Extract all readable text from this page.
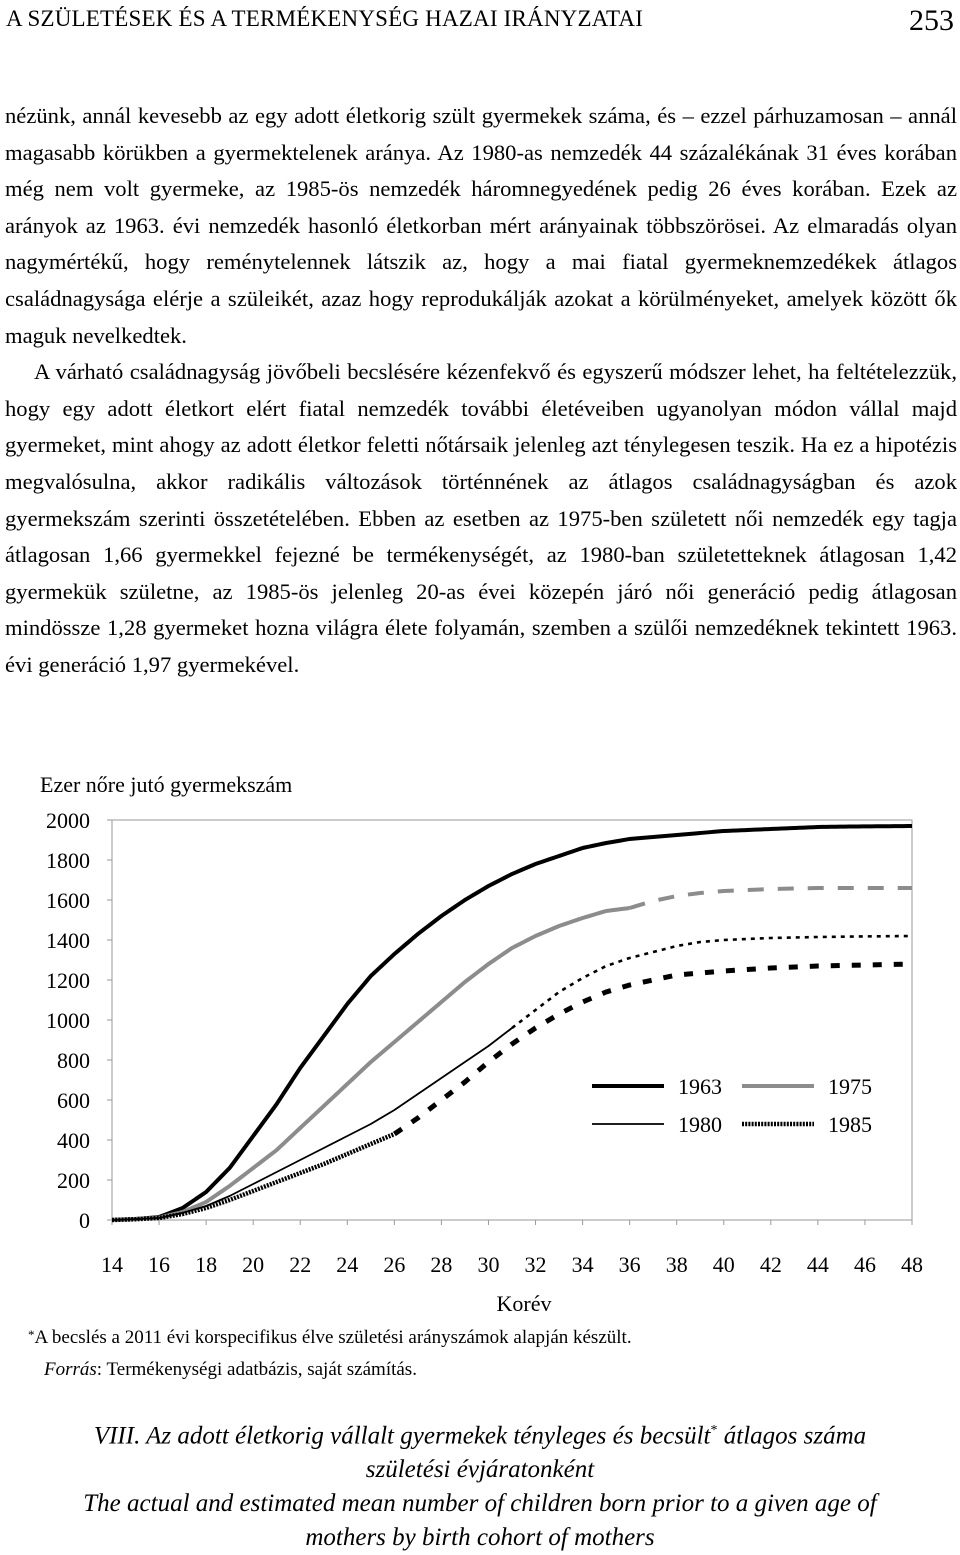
A SZÜLETÉSEK ÉS A TERMÉKENYSÉG HAZAI IRÁNYZATAI	253

nézünk, annál kevesebb az egy adott életkorig szült gyermekek száma, és – ezzel párhuzamosan – annál magasabb körükben a gyermektelenek aránya. Az 1980-as nemzedék 44 százalékának 31 éves korában még nem volt gyermeke, az 1985-ös nemzedék háromnegyedének pedig 26 éves korában. Ezek az arányok az 1963. évi nemzedék hasonló életkorban mért arányainak többszörösei. Az elmaradás olyan nagymértékű, hogy reménytelennek látszik az, hogy a mai fiatal gyermeknemzedékek átlagos családnagysága elérje a szüleikét, azaz hogy reprodukálják azokat a körülményeket, amelyek között ők maguk nevelkedtek.

A várható családnagyság jövőbeli becslésére kézenfekvő és egyszerű módszer lehet, ha feltételezzük, hogy egy adott életkort elért fiatal nemzedék további életéveiben ugyanolyan módon vállal majd gyermeket, mint ahogy az adott életkor feletti nőtársaik jelenleg azt ténylegesen teszik. Ha ez a hipotézis megvalósulna, akkor radikális változások történnének az átlagos családnagyságban és azok gyermekszám szerinti összetételében. Ebben az esetben az 1975-ben született női nemzedék egy tagja átlagosan 1,66 gyermekkel fejezné be termékenységét, az 1980-ban születetteknek átlagosan 1,42 gyermekük születne, az 1985-ös jelenleg 20-as évei közepén járó női generáció pedig átlagosan mindössze 1,28 gyermeket hozna világra élete folyamán, szemben a szülői nemzedéknek tekintett 1963. évi generáció 1,97 gyermekével.

Ezer nőre jutó gyermekszám
2000
1800
1600
1400
1200
1000
800
600
400
200
0
14 16 18 20 22 24 26 28 30 32 34 36 38 40 42 44 46 48
Korév
1963	1975
1980	1985
*A becslés a 2011 évi korspecifikus élve születési arányszámok alapján készült.
Forrás: Termékenységi adatbázis, saját számítás.
VIII. Az adott életkorig vállalt gyermekek tényleges és becsült* átlagos száma
születési évjáratonként
The actual and estimated mean number of children born prior to a given age of
mothers by birth cohort of mothers
